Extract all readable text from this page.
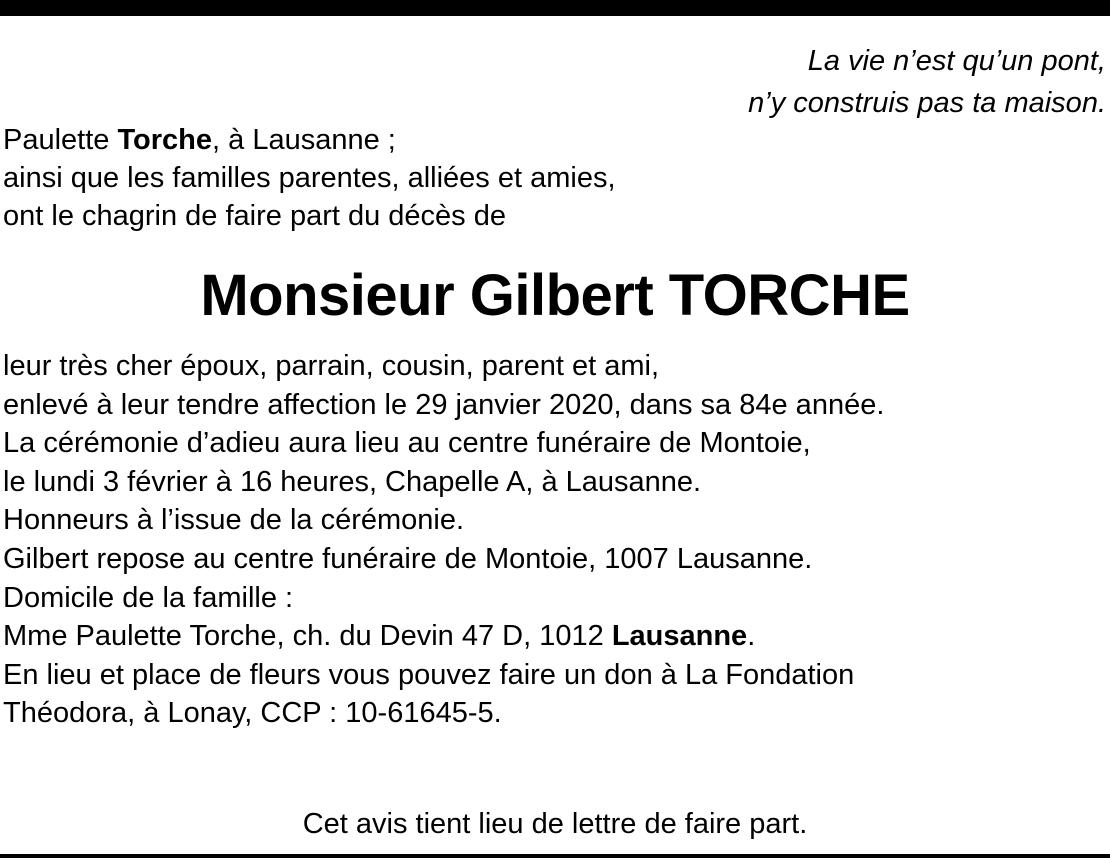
La vie n’est qu’un pont,
n’y construis pas ta maison.
Paulette Torche, à Lausanne ;
ainsi que les familles parentes, alliées et amies,
ont le chagrin de faire part du décès de
Monsieur Gilbert TORCHE
leur très cher époux, parrain, cousin, parent et ami,
enlevé à leur tendre affection le 29 janvier 2020, dans sa 84e année.
La cérémonie d’adieu aura lieu au centre funéraire de Montoie,
le lundi 3 février à 16 heures, Chapelle A, à Lausanne.
Honneurs à l’issue de la cérémonie.
Gilbert repose au centre funéraire de Montoie, 1007 Lausanne.
Domicile de la famille :
Mme Paulette Torche, ch. du Devin 47 D, 1012 Lausanne.
En lieu et place de fleurs vous pouvez faire un don à La Fondation
Théodora, à Lonay, CCP : 10-61645-5.
Cet avis tient lieu de lettre de faire part.
